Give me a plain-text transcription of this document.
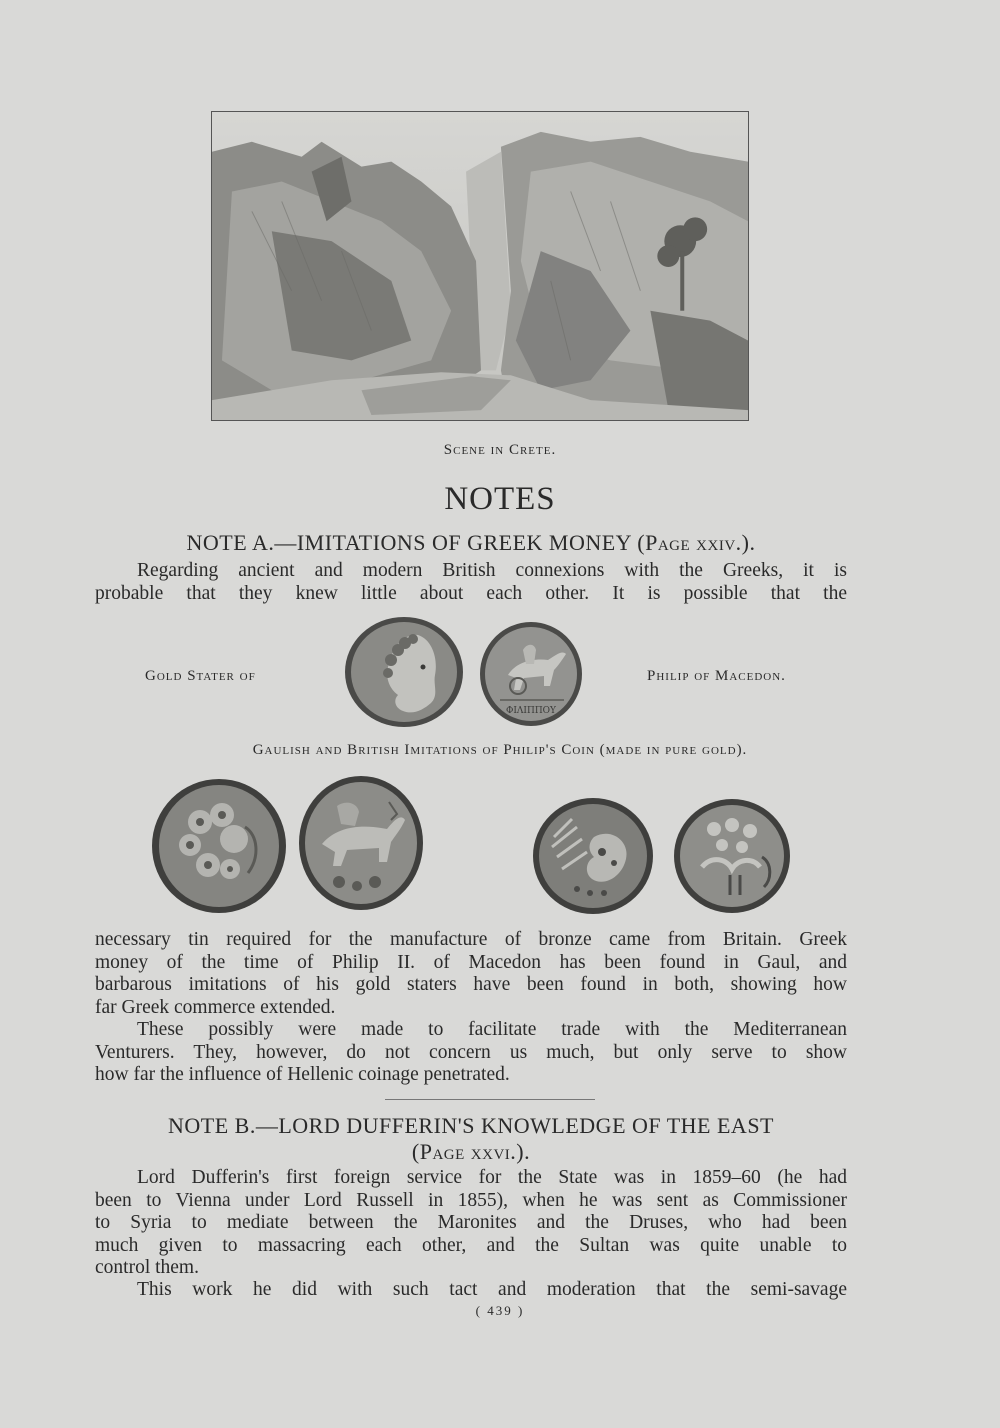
Scene in Crete.
NOTES
NOTE A.—IMITATIONS OF GREEK MONEY (Page xxiv.).
Regarding ancient and modern British connexions with the Greeks, it is
probable that they knew little about each other. It is possible that the
Gold Stater of	Philip of Macedon.
ΦΙΛΙΠΠΟΥ
Gaulish and British Imitations of Philip's Coin (made in pure gold).
necessary tin required for the manufacture of bronze came from Britain. Greek
money of the time of Philip II. of Macedon has been found in Gaul, and
barbarous imitations of his gold staters have been found in both, showing how
far Greek commerce extended.
These possibly were made to facilitate trade with the Mediterranean
Venturers. They, however, do not concern us much, but only serve to show
how far the influence of Hellenic coinage penetrated.
NOTE B.—LORD DUFFERIN'S KNOWLEDGE OF THE EAST
(Page xxvi.).
Lord Dufferin's first foreign service for the State was in 1859–60 (he had
been to Vienna under Lord Russell in 1855), when he was sent as Commissioner
to Syria to mediate between the Maronites and the Druses, who had been
much given to massacring each other, and the Sultan was quite unable to
control them.
This work he did with such tact and moderation that the semi-savage
( 439 )
